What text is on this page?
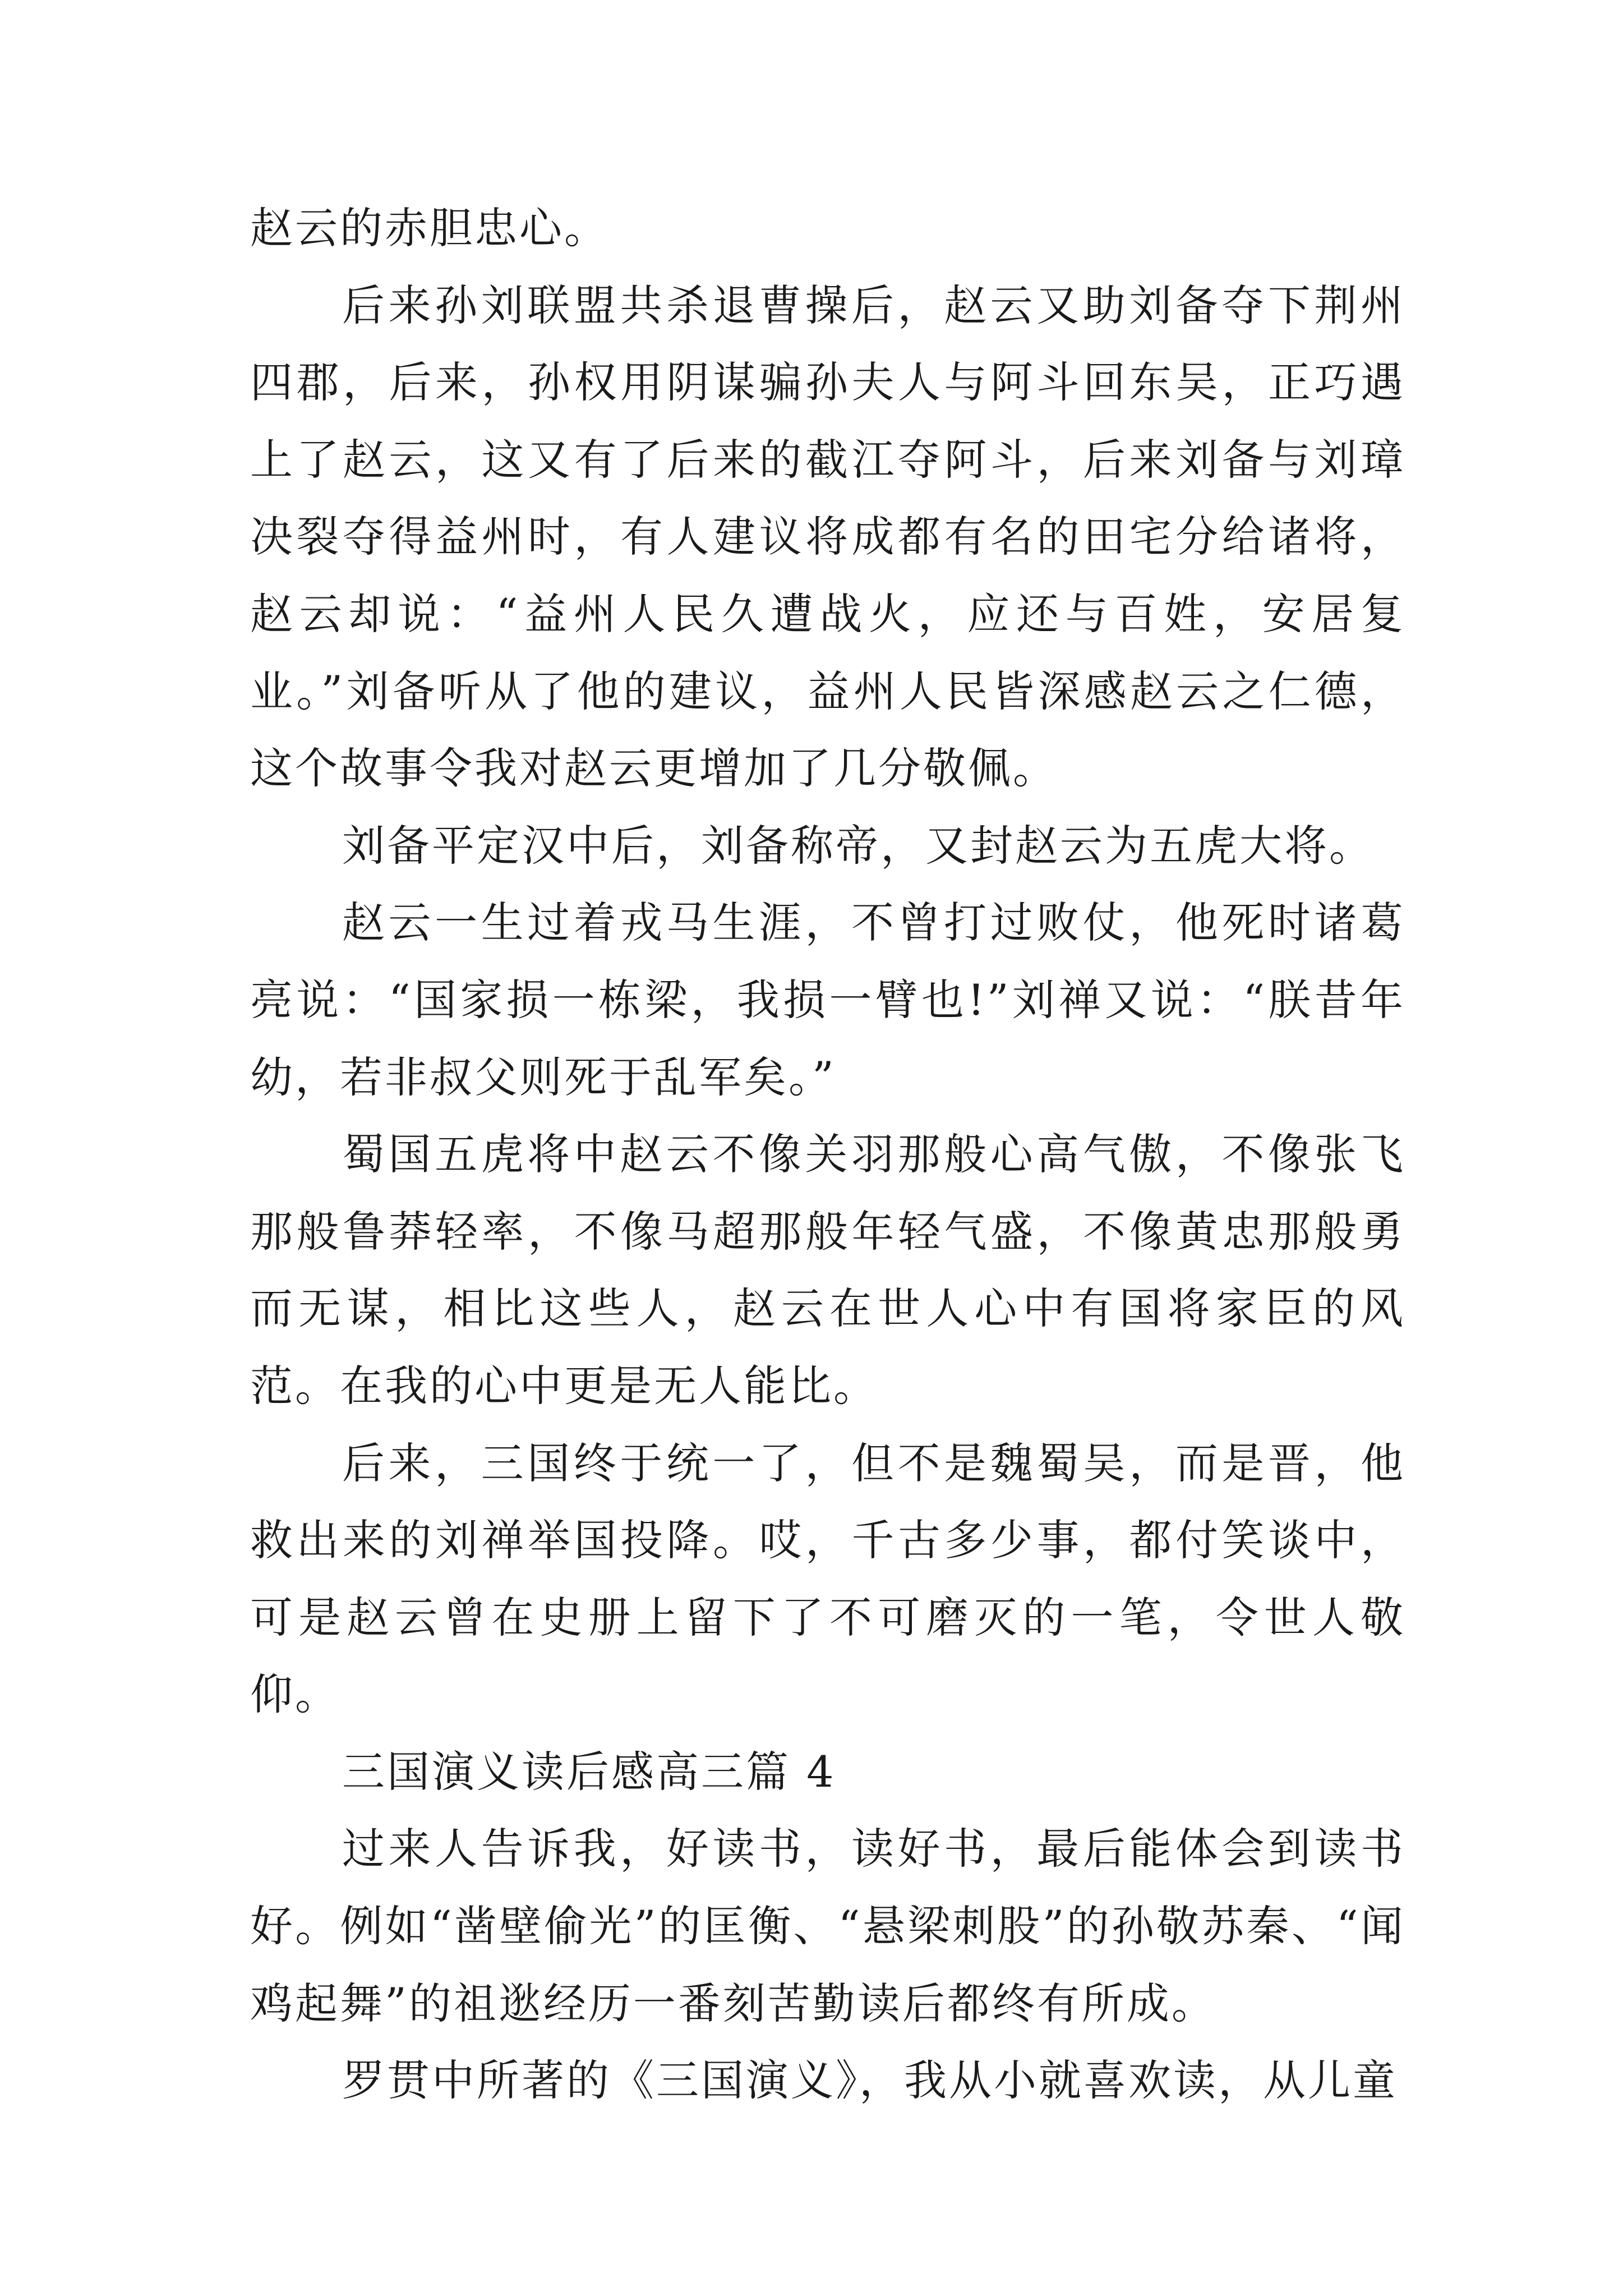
赵云的赤胆忠心。

后来孙刘联盟共杀退曹操后，赵云又助刘备夺下荆州四郡，后来，孙权用阴谋骗孙夫人与阿斗回东吴，正巧遇上了赵云，这又有了后来的截江夺阿斗，后来刘备与刘璋决裂夺得益州时，有人建议将成都有名的田宅分给诸将，赵云却说：“益州人民久遭战火，应还与百姓，安居复业。”刘备听从了他的建议，益州人民皆深感赵云之仁德，这个故事令我对赵云更增加了几分敬佩。

刘备平定汉中后，刘备称帝，又封赵云为五虎大将。

赵云一生过着戎马生涯，不曾打过败仗，他死时诸葛亮说：“国家损一栋梁，我损一臂也!”刘禅又说：“朕昔年幼，若非叔父则死于乱军矣。”

蜀国五虎将中赵云不像关羽那般心高气傲，不像张飞那般鲁莽轻率，不像马超那般年轻气盛，不像黄忠那般勇而无谋，相比这些人，赵云在世人心中有国将家臣的风范。在我的心中更是无人能比。

后来，三国终于统一了，但不是魏蜀吴，而是晋，他救出来的刘禅举国投降。哎，千古多少事，都付笑谈中，可是赵云曾在史册上留下了不可磨灭的一笔，令世人敬仰。

三国演义读后感高三篇 4

过来人告诉我，好读书，读好书，最后能体会到读书好。例如“凿壁偷光”的匡衡、“悬梁刺股”的孙敬苏秦、“闻鸡起舞”的祖逖经历一番刻苦勤读后都终有所成。

罗贯中所著的《三国演义》，我从小就喜欢读，从儿童
